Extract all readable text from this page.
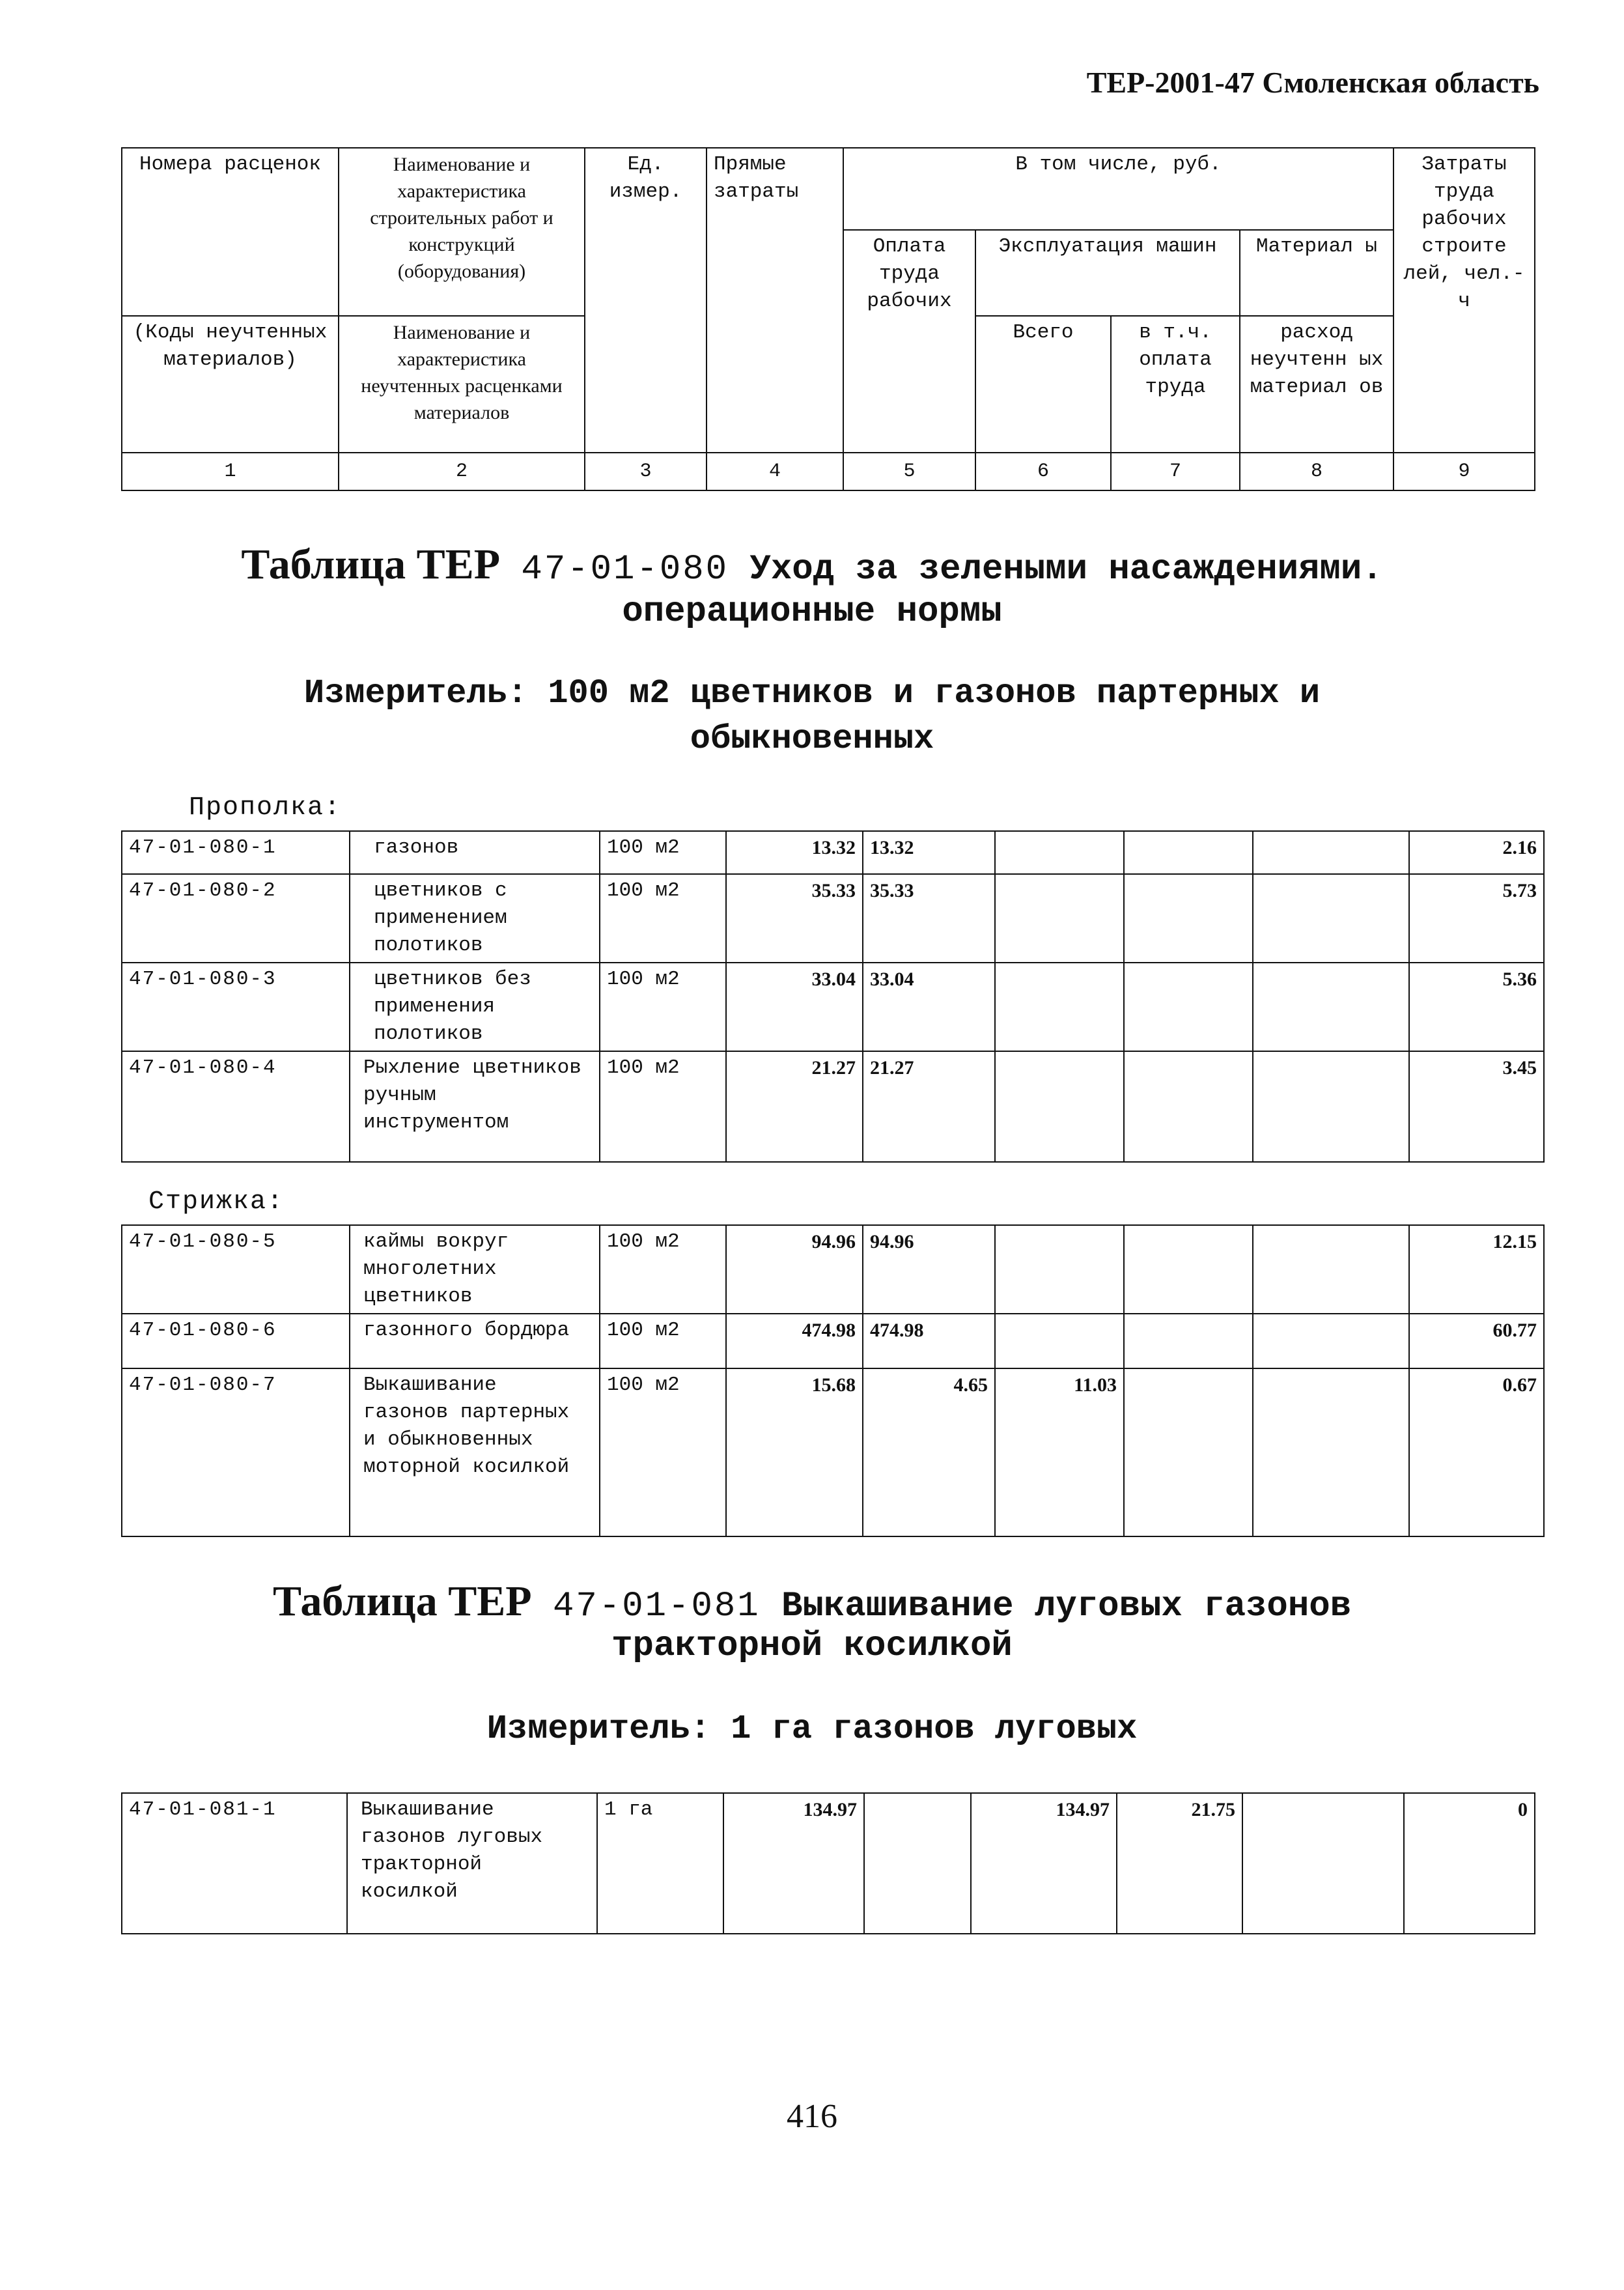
ТЕР-2001-47 Смоленская область
Номера расценок	Наименование и характеристика строительных работ и конструкций (оборудования)	Ед. измер.	Прямые затраты	В том числе, руб.				Затраты труда рабочих строите лей, чел.-ч
				Оплата труда рабочих	Эксплуатация машин		Материал ы	
(Коды неучтенных материалов)	Наименование и характеристика неучтенных расценками материалов				Всего	в т.ч. оплата труда	расход неучтенн ых материал ов	

1	2	3	4	5	6	7	8	9
Таблица ТЕР 47-01-080 Уход за зелеными насаждениями.
операционные нормы
Измеритель: 100 м2 цветников и газонов партерных и
обыкновенных
Прополка:
47-01-080-1	газонов	100 м2	13.32	13.32				2.16
47-01-080-2	цветников с применением полотиков	100 м2	35.33	35.33				5.73
47-01-080-3	цветников без применения полотиков	100 м2	33.04	33.04				5.36
47-01-080-4	Рыхление цветников ручным инструментом	100 м2	21.27	21.27				3.45
Стрижка:
47-01-080-5	каймы вокруг многолетних цветников	100 м2	94.96	94.96				12.15
47-01-080-6	газонного бордюра	100 м2	474.98	474.98				60.77
47-01-080-7	Выкашивание газонов партерных и обыкновенных моторной косилкой	100 м2	15.68	4.65	11.03			0.67
Таблица ТЕР 47-01-081 Выкашивание луговых газонов
тракторной косилкой
Измеритель: 1 га газонов луговых
47-01-081-1	Выкашивание газонов луговых тракторной косилкой	1 га	134.97		134.97	21.75		0
416
